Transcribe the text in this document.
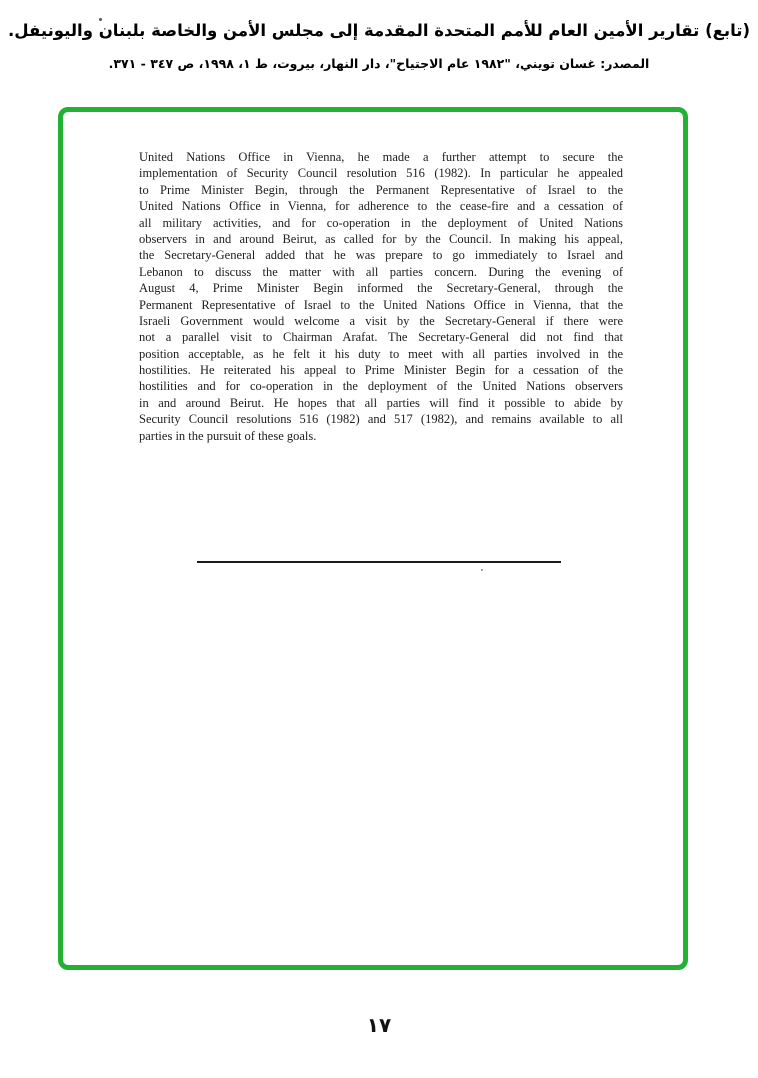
(تابع) تقارير الأمين العام للأمم المتحدة المقدمة إلى مجلس الأمن والخاصة بلبنان واليونيفل.
المصدر: غسان تويني، "١٩٨٢ عام الاجتياح"، دار النهار، بيروت، ط ١، ١٩٩٨، ص ٣٤٧ - ٣٧١.
United Nations Office in Vienna, he made a further attempt to secure the
implementation of Security Council resolution 516 (1982). In particular he appealed
to Prime Minister Begin, through the Permanent Representative of Israel to the
United Nations Office in Vienna, for adherence to the cease-fire and a cessation of
all military activities, and for co-operation in the deployment of United Nations
observers in and around Beirut, as called for by the Council. In making his appeal,
the Secretary-General added that he was prepare to go immediately to Israel and
Lebanon to discuss the matter with all parties concern. During the evening of
August 4, Prime Minister Begin informed the Secretary-General, through the
Permanent Representative of Israel to the United Nations Office in Vienna, that the
Israeli Government would welcome a visit by the Secretary-General if there were
not a parallel visit to Chairman Arafat. The Secretary-General did not find that
position acceptable, as he felt it his duty to meet with all parties involved in the
hostilities. He reiterated his appeal to Prime Minister Begin for a cessation of the
hostilities and for co-operation in the deployment of the United Nations observers
in and around Beirut. He hopes that all parties will find it possible to abide by
Security Council resolutions 516 (1982) and 517 (1982), and remains available to all
parties in the pursuit of these goals.
١٧
